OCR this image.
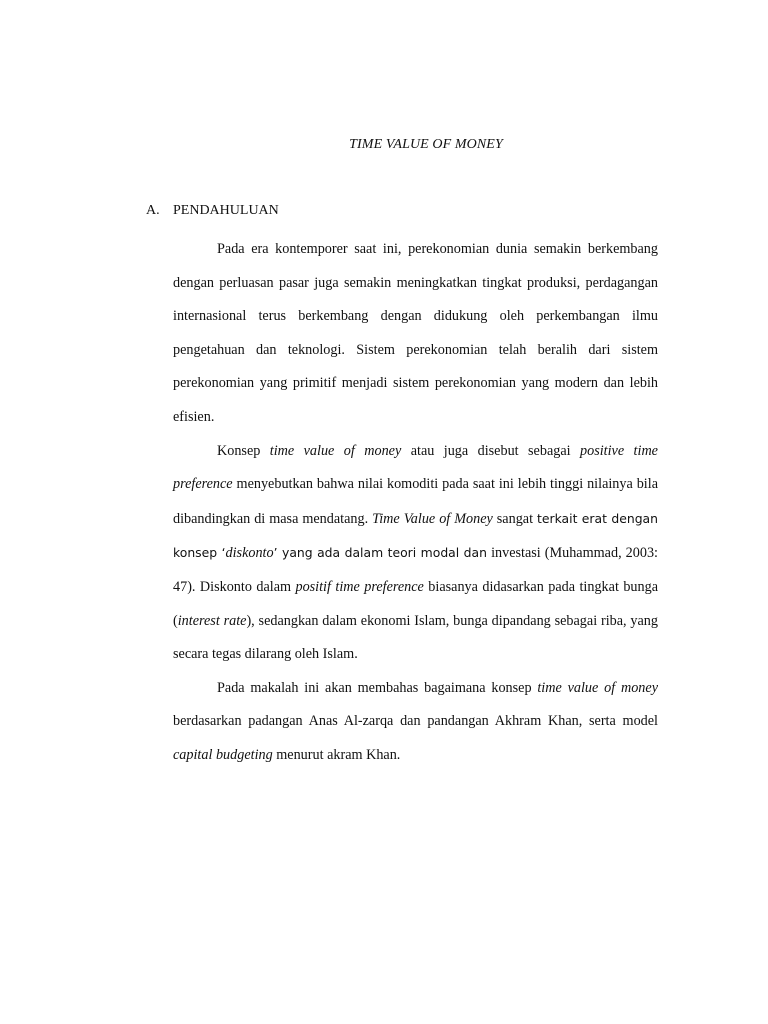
TIME VALUE OF MONEY
A. PENDAHULUAN

Pada era kontemporer saat ini, perekonomian dunia semakin berkembang dengan perluasan pasar juga semakin meningkatkan tingkat produksi, perdagangan internasional terus berkembang dengan didukung oleh perkembangan ilmu pengetahuan dan teknologi. Sistem perekonomian telah beralih dari sistem perekonomian yang primitif menjadi sistem perekonomian yang modern dan lebih efisien.

Konsep time value of money atau juga disebut sebagai positive time preference menyebutkan bahwa nilai komoditi pada saat ini lebih tinggi nilainya bila dibandingkan di masa mendatang. Time Value of Money sangat terkait erat dengan konsep ‘diskonto’ yang ada dalam teori modal dan investasi (Muhammad, 2003: 47). Diskonto dalam positif time preference biasanya didasarkan pada tingkat bunga (interest rate), sedangkan dalam ekonomi Islam, bunga dipandang sebagai riba, yang secara tegas dilarang oleh Islam.

Pada makalah ini akan membahas bagaimana konsep time value of money berdasarkan padangan Anas Al-zarqa dan pandangan Akhram Khan, serta model capital budgeting menurut akram Khan.
